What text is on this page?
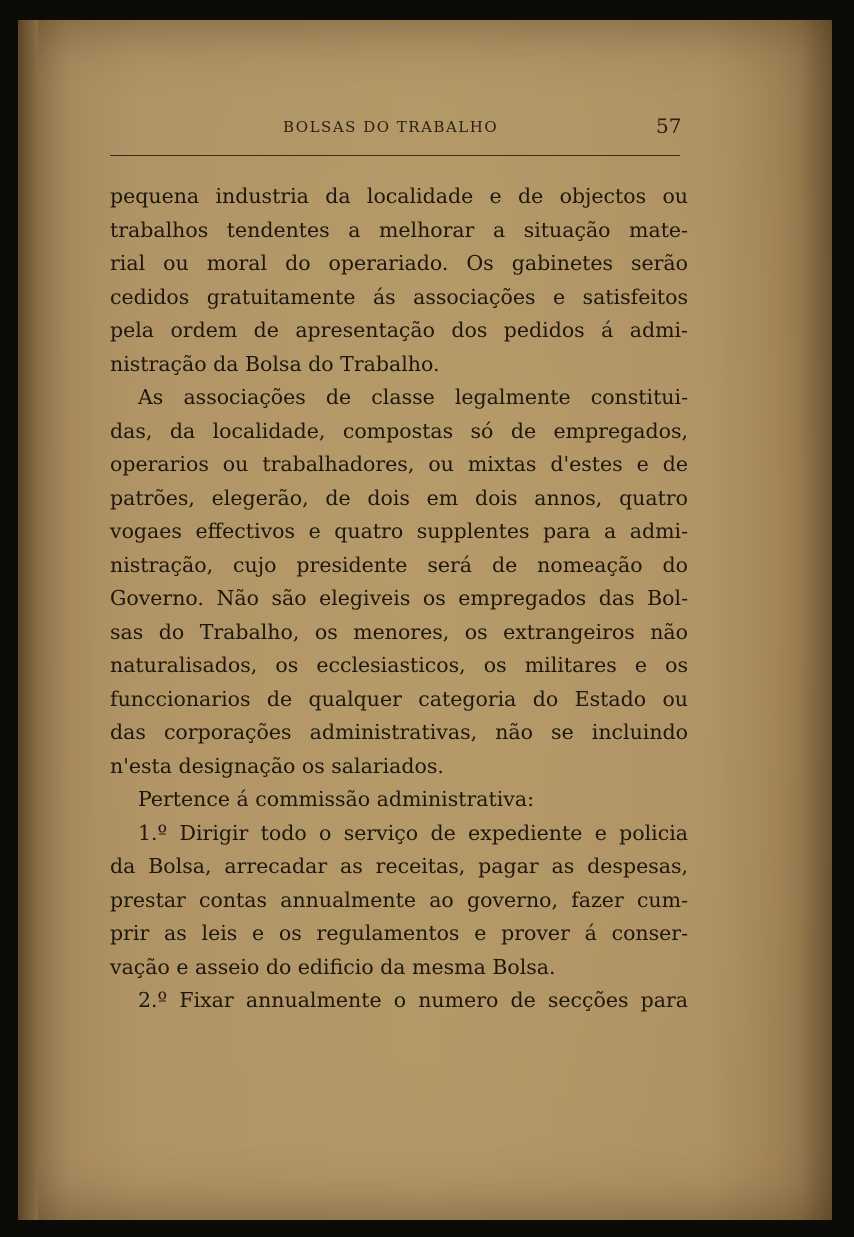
BOLSAS DO TRABALHO	57
pequena industria da localidade e de objectos ou
trabalhos tendentes a melhorar a situação mate-
rial ou moral do operariado. Os gabinetes serão
cedidos gratuitamente ás associações e satisfeitos
pela ordem de apresentação dos pedidos á admi-
nistração da Bolsa do Trabalho.
As associações de classe legalmente constitui-
das, da localidade, compostas só de empregados,
operarios ou trabalhadores, ou mixtas d'estes e de
patrões, elegerão, de dois em dois annos, quatro
vogaes effectivos e quatro supplentes para a admi-
nistração, cujo presidente será de nomeação do
Governo. Não são elegiveis os empregados das Bol-
sas do Trabalho, os menores, os extrangeiros não
naturalisados, os ecclesiasticos, os militares e os
funccionarios de qualquer categoria do Estado ou
das corporações administrativas, não se incluindo
n'esta designação os salariados.
Pertence á commissão administrativa:
1.º Dirigir todo o serviço de expediente e policia
da Bolsa, arrecadar as receitas, pagar as despesas,
prestar contas annualmente ao governo, fazer cum-
prir as leis e os regulamentos e prover á conser-
vação e asseio do edificio da mesma Bolsa.
2.º Fixar annualmente o numero de secções para
